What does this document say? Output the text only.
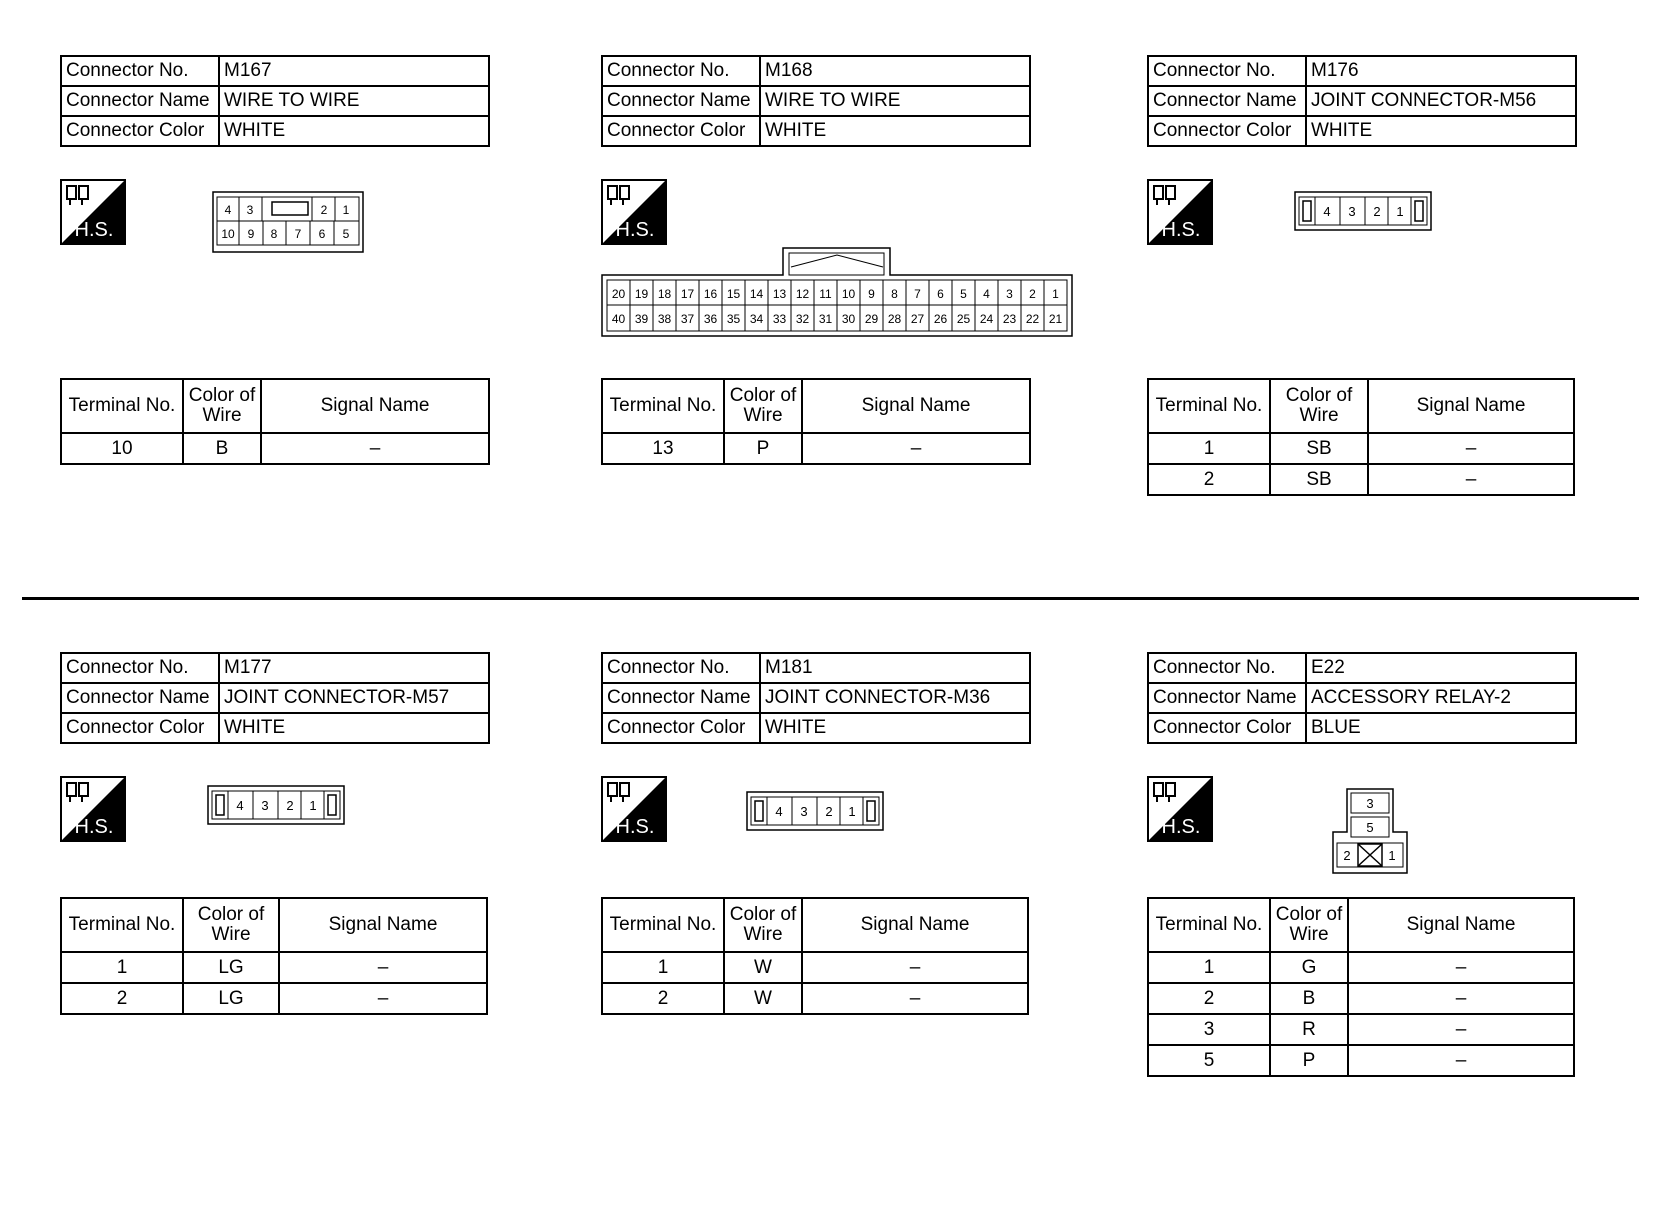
Connector No.	M167
Connector Name	WIRE TO WIRE
Connector Color	WHITE
H.S.
4 3	2 1
10 9 8 7 6 5
Terminal No.	Color of Wire	Signal Name
10	B	–
Connector No.	M168
Connector Name	WIRE TO WIRE
Connector Color	WHITE
H.S.
20 19 18 17 16 15 14 13 12 11 10 9 8 7 6 5 4 3 2 1
40 39 38 37 36 35 34 33 32 31 30 29 28 27 26 25 24 23 22 21
Terminal No.	Color of Wire	Signal Name
13	P	–
Connector No.	M176
Connector Name	JOINT CONNECTOR-M56
Connector Color	WHITE
H.S.
4 3 2 1
Terminal No.	Color of Wire	Signal Name
1	SB	–
2	SB	–
Connector No.	M177
Connector Name	JOINT CONNECTOR-M57
Connector Color	WHITE
H.S.
4 3 2 1
Terminal No.	Color of Wire	Signal Name
1	LG	–
2	LG	–
Connector No.	M181
Connector Name	JOINT CONNECTOR-M36
Connector Color	WHITE
H.S.
4 3 2 1
Terminal No.	Color of Wire	Signal Name
1	W	–
2	W	–
Connector No.	E22
Connector Name	ACCESSORY RELAY-2
Connector Color	BLUE
H.S.
3
5
2	1
Terminal No.	Color of Wire	Signal Name
1	G	–
2	B	–
3	R	–
5	P	–
